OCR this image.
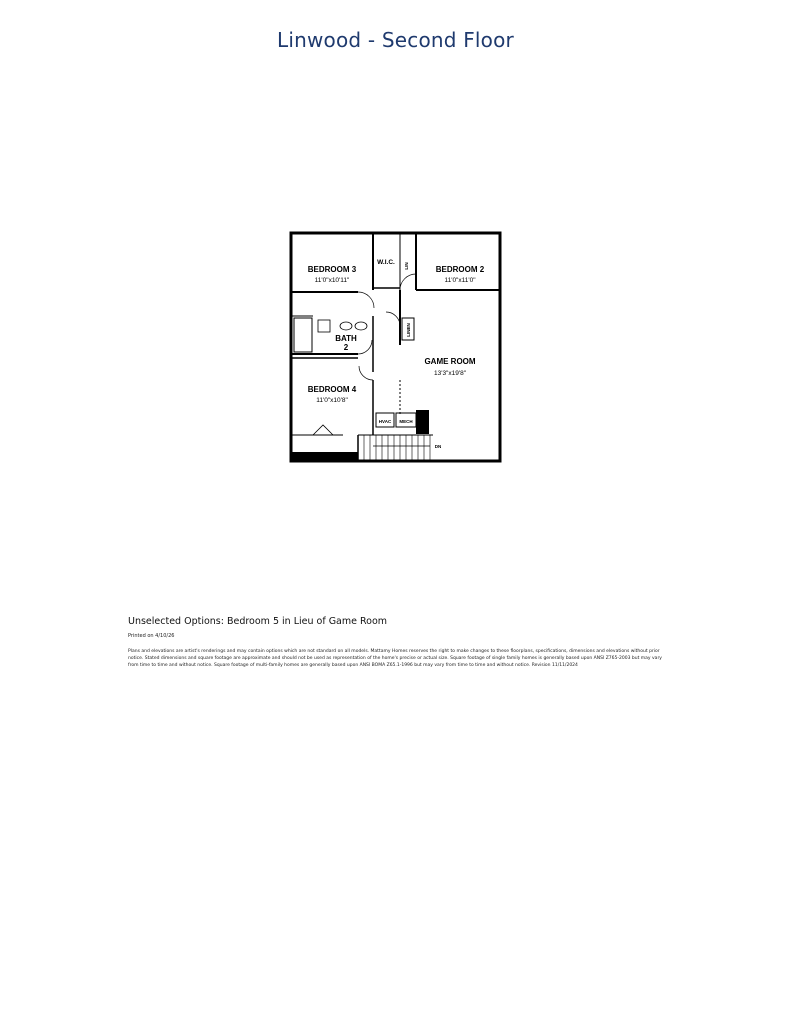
Linwood - Second Floor
BEDROOM 3
11'0"x10'11"
W.I.C. LIN	BEDROOM 2
11'0"x11'0"
BATH
2
LINEN
GAME ROOM
13'3"x19'8"
BEDROOM 4
11'0"x10'8"
HVAC MECH
DN
Unselected Options: Bedroom 5 in Lieu of Game Room
Printed on 4/10/26
Plans and elevations are artist's renderings and may contain options which are not standard on all models. Mattamy Homes reserves the right to make changes to these floorplans, specifications, dimensions and elevations without prior notice. Stated dimensions and square footage are approximate and should not be used as representation of the home's precise or actual size. Square footage of single family homes is generally based upon ANSI Z765-2003 but may vary from time to time and without notice. Square footage of multi-family homes are generally based upon ANSI BOMA Z65.1-1996 but may vary from time to time and without notice. Revision 11/11/2024
